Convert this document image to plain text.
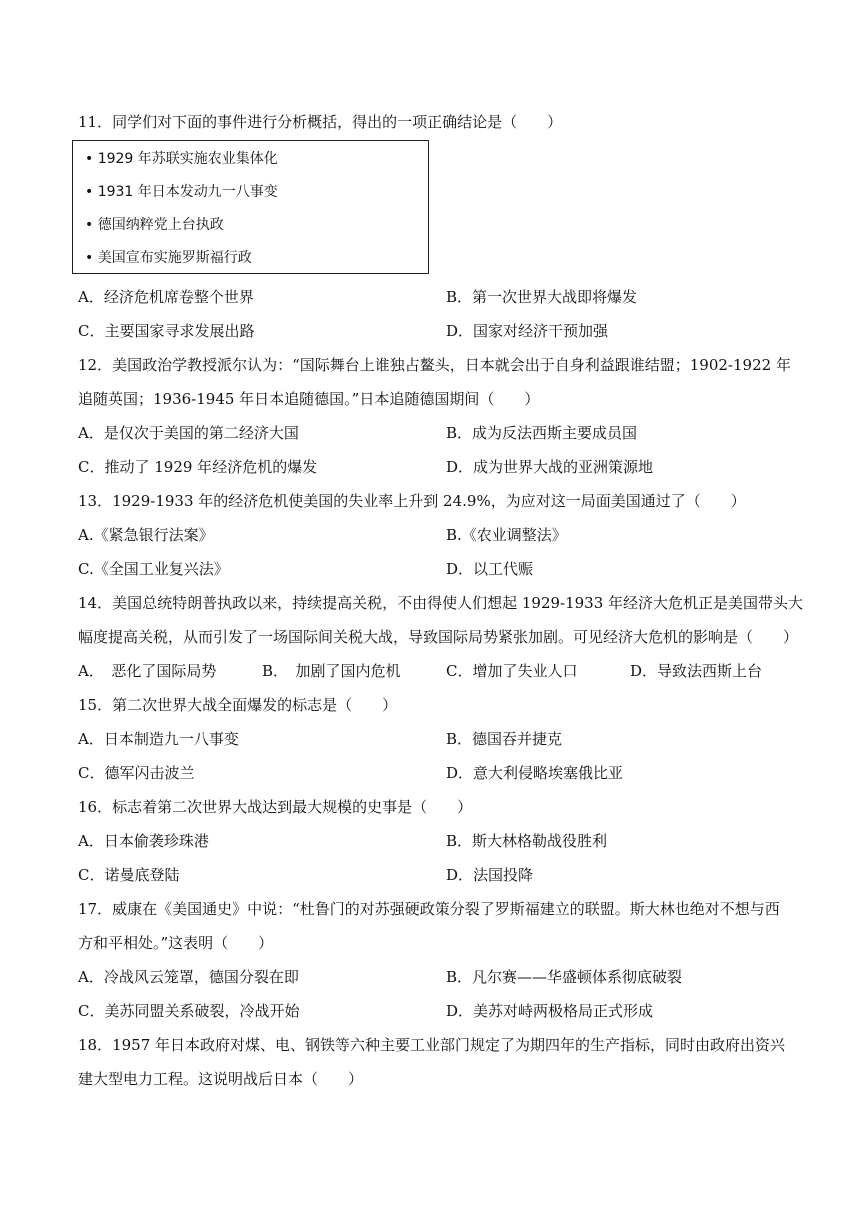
11．同学们对下面的事件进行分析概括，得出的一项正确结论是（　　）
• 1929 年苏联实施农业集体化
• 1931 年日本发动九一八事变
• 德国纳粹党上台执政
• 美国宣布实施罗斯福行政
A．经济危机席卷整个世界	B．第一次世界大战即将爆发
C．主要国家寻求发展出路	D．国家对经济干预加强
12．美国政治学教授派尔认为：“国际舞台上谁独占鳌头，日本就会出于自身利益跟谁结盟；1902-1922 年
追随英国；1936-1945 年日本追随德国。”日本追随德国期间（　　）
A．是仅次于美国的第二经济大国	B．成为反法西斯主要成员国
C．推动了 1929 年经济危机的爆发	D．成为世界大战的亚洲策源地
13．1929-1933 年的经济危机使美国的失业率上升到 24.9%，为应对这一局面美国通过了（　　）
A.《紧急银行法案》	B.《农业调整法》
C.《全国工业复兴法》	D．以工代赈
14．美国总统特朗普执政以来，持续提高关税，不由得使人们想起 1929-1933 年经济大危机正是美国带头大
幅度提高关税，从而引发了一场国际间关税大战，导致国际局势紧张加剧。可见经济大危机的影响是（　　）
A．　恶化了国际局势	B．　加剧了国内危机	C．增加了失业人口	D．导致法西斯上台
15．第二次世界大战全面爆发的标志是（　　）
A．日本制造九一八事变	B．德国吞并捷克
C．德军闪击波兰	D．意大利侵略埃塞俄比亚
16．标志着第二次世界大战达到最大规模的史事是（　　）
A．日本偷袭珍珠港	B．斯大林格勒战役胜利
C．诺曼底登陆	D．法国投降
17．威康在《美国通史》中说：“杜鲁门的对苏强硬政策分裂了罗斯福建立的联盟。斯大林也绝对不想与西
方和平相处。”这表明（　　）
A．冷战风云笼罩，德国分裂在即	B．凡尔赛——华盛顿体系彻底破裂
C．美苏同盟关系破裂，冷战开始	D．美苏对峙两极格局正式形成
18．1957 年日本政府对煤、电、钢铁等六种主要工业部门规定了为期四年的生产指标，同时由政府出资兴
建大型电力工程。这说明战后日本（　　）
